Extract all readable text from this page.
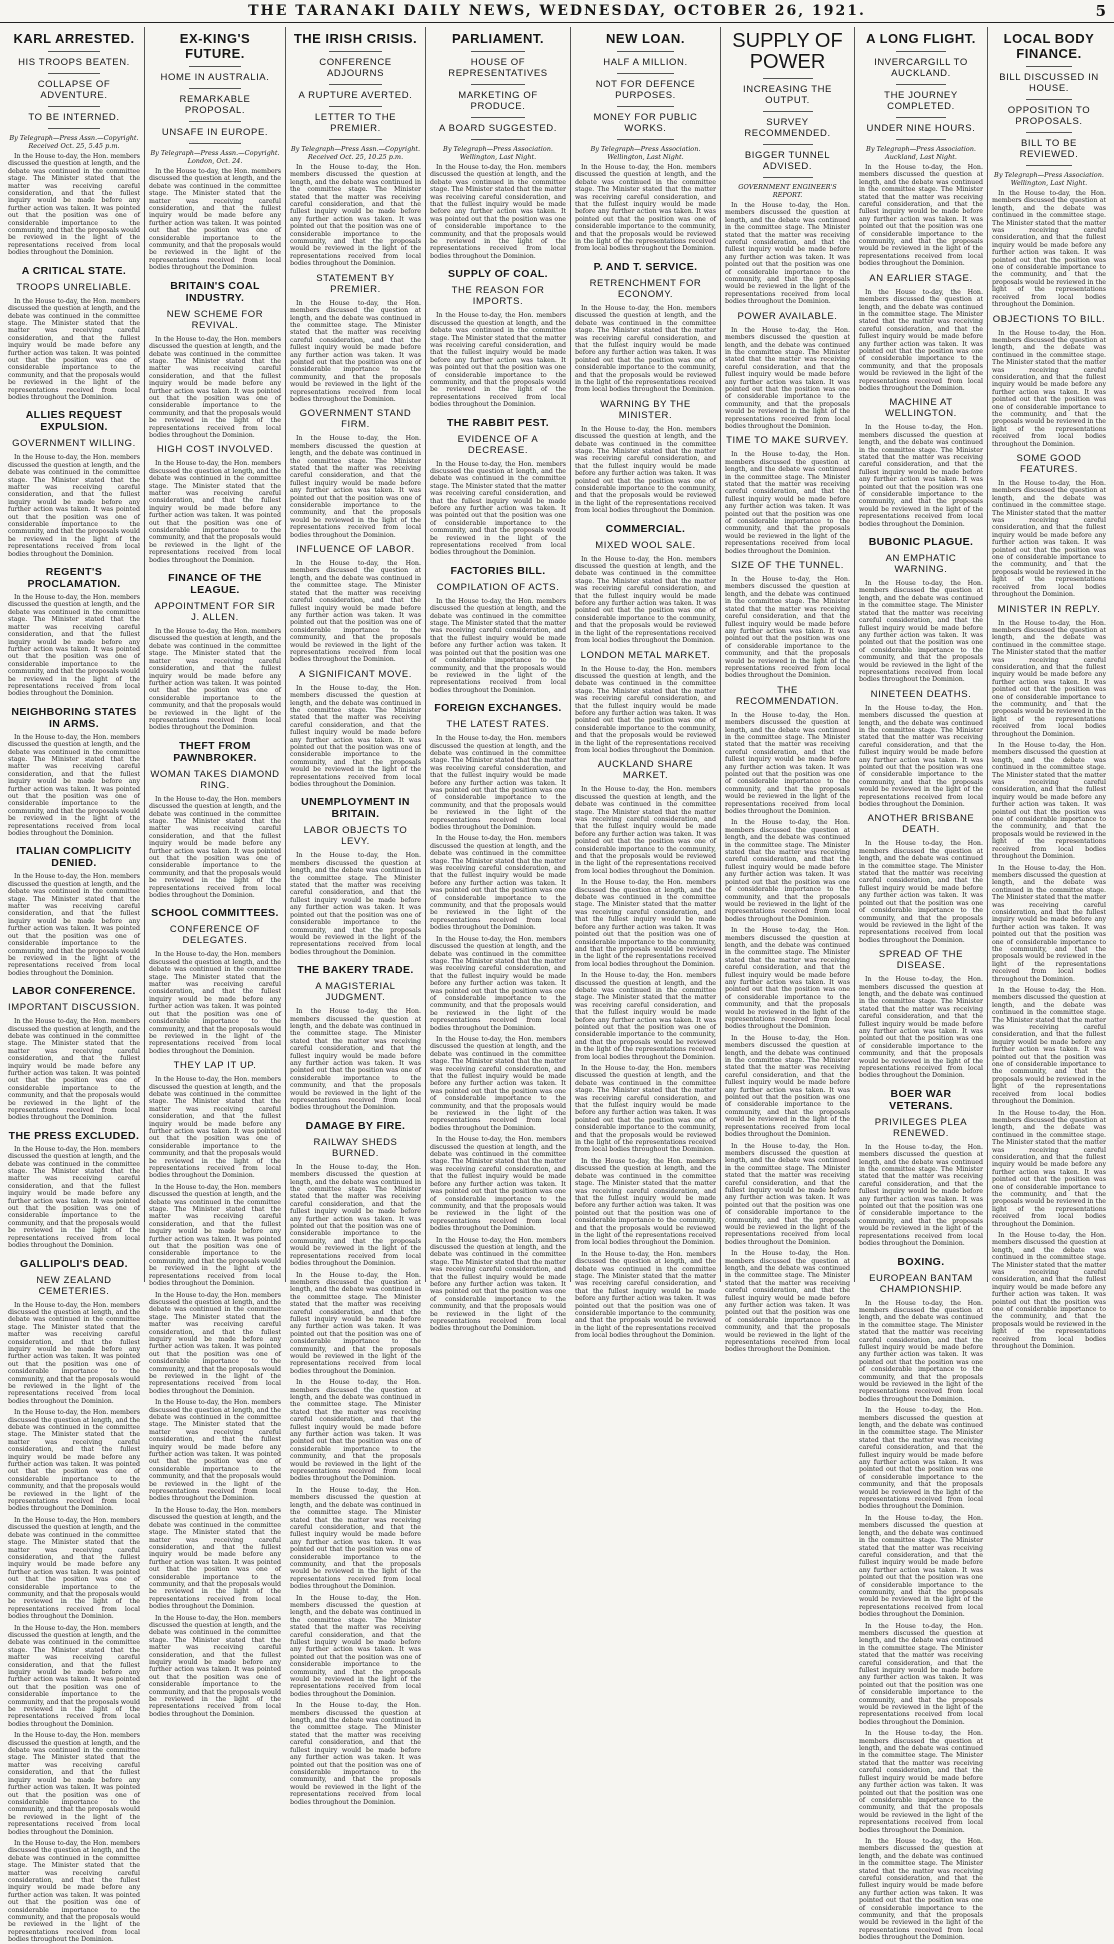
THE TARANAKI DAILY NEWS, WEDNESDAY, OCTOBER 26, 1921.	5
KARL ARRESTED.
HIS TROOPS BEATEN.
COLLAPSE OF ADVENTURE.
TO BE INTERNED.
By Telegraph—Press Assn.—Copyright. Received Oct. 25, 5.45 p.m.

In the House to-day, the Hon. members discussed the question at length, and the debate was continued in the committee stage. The Minister stated that the matter was receiving careful consideration, and that the fullest inquiry would be made before any further action was taken. It was pointed out that the position was one of considerable importance to the community, and that the proposals would be reviewed in the light of the representations received from local bodies throughout the Dominion.

A CRITICAL STATE.
TROOPS UNRELIABLE.

In the House to-day, the Hon. members discussed the question at length, and the debate was continued in the committee stage. The Minister stated that the matter was receiving careful consideration, and that the fullest inquiry would be made before any further action was taken. It was pointed out that the position was one of considerable importance to the community, and that the proposals would be reviewed in the light of the representations received from local bodies throughout the Dominion.

ALLIES REQUEST EXPULSION.
GOVERNMENT WILLING.

In the House to-day, the Hon. members discussed the question at length, and the debate was continued in the committee stage. The Minister stated that the matter was receiving careful consideration, and that the fullest inquiry would be made before any further action was taken. It was pointed out that the position was one of considerable importance to the community, and that the proposals would be reviewed in the light of the representations received from local bodies throughout the Dominion.

REGENT'S PROCLAMATION.

In the House to-day, the Hon. members discussed the question at length, and the debate was continued in the committee stage. The Minister stated that the matter was receiving careful consideration, and that the fullest inquiry would be made before any further action was taken. It was pointed out that the position was one of considerable importance to the community, and that the proposals would be reviewed in the light of the representations received from local bodies throughout the Dominion.

NEIGHBORING STATES IN ARMS.

In the House to-day, the Hon. members discussed the question at length, and the debate was continued in the committee stage. The Minister stated that the matter was receiving careful consideration, and that the fullest inquiry would be made before any further action was taken. It was pointed out that the position was one of considerable importance to the community, and that the proposals would be reviewed in the light of the representations received from local bodies throughout the Dominion.

ITALIAN COMPLICITY DENIED.

In the House to-day, the Hon. members discussed the question at length, and the debate was continued in the committee stage. The Minister stated that the matter was receiving careful consideration, and that the fullest inquiry would be made before any further action was taken. It was pointed out that the position was one of considerable importance to the community, and that the proposals would be reviewed in the light of the representations received from local bodies throughout the Dominion.

LABOR CONFERENCE.
IMPORTANT DISCUSSION.

In the House to-day, the Hon. members discussed the question at length, and the debate was continued in the committee stage. The Minister stated that the matter was receiving careful consideration, and that the fullest inquiry would be made before any further action was taken. It was pointed out that the position was one of considerable importance to the community, and that the proposals would be reviewed in the light of the representations received from local bodies throughout the Dominion.

THE PRESS EXCLUDED.

In the House to-day, the Hon. members discussed the question at length, and the debate was continued in the committee stage. The Minister stated that the matter was receiving careful consideration, and that the fullest inquiry would be made before any further action was taken. It was pointed out that the position was one of considerable importance to the community, and that the proposals would be reviewed in the light of the representations received from local bodies throughout the Dominion.

GALLIPOLI'S DEAD.
NEW ZEALAND CEMETERIES.

In the House to-day, the Hon. members discussed the question at length, and the debate was continued in the committee stage. The Minister stated that the matter was receiving careful consideration, and that the fullest inquiry would be made before any further action was taken. It was pointed out that the position was one of considerable importance to the community, and that the proposals would be reviewed in the light of the representations received from local bodies throughout the Dominion.

In the House to-day, the Hon. members discussed the question at length, and the debate was continued in the committee stage. The Minister stated that the matter was receiving careful consideration, and that the fullest inquiry would be made before any further action was taken. It was pointed out that the position was one of considerable importance to the community, and that the proposals would be reviewed in the light of the representations received from local bodies throughout the Dominion.

In the House to-day, the Hon. members discussed the question at length, and the debate was continued in the committee stage. The Minister stated that the matter was receiving careful consideration, and that the fullest inquiry would be made before any further action was taken. It was pointed out that the position was one of considerable importance to the community, and that the proposals would be reviewed in the light of the representations received from local bodies throughout the Dominion.

In the House to-day, the Hon. members discussed the question at length, and the debate was continued in the committee stage. The Minister stated that the matter was receiving careful consideration, and that the fullest inquiry would be made before any further action was taken. It was pointed out that the position was one of considerable importance to the community, and that the proposals would be reviewed in the light of the representations received from local bodies throughout the Dominion.

In the House to-day, the Hon. members discussed the question at length, and the debate was continued in the committee stage. The Minister stated that the matter was receiving careful consideration, and that the fullest inquiry would be made before any further action was taken. It was pointed out that the position was one of considerable importance to the community, and that the proposals would be reviewed in the light of the representations received from local bodies throughout the Dominion.

In the House to-day, the Hon. members discussed the question at length, and the debate was continued in the committee stage. The Minister stated that the matter was receiving careful consideration, and that the fullest inquiry would be made before any further action was taken. It was pointed out that the position was one of considerable importance to the community, and that the proposals would be reviewed in the light of the representations received from local bodies throughout the Dominion.

EX-KING'S FUTURE.
HOME IN AUSTRALIA.
REMARKABLE PROPOSAL.
UNSAFE IN EUROPE.
By Telegraph—Press Assn.—Copyright. London, Oct. 24.

In the House to-day, the Hon. members discussed the question at length, and the debate was continued in the committee stage. The Minister stated that the matter was receiving careful consideration, and that the fullest inquiry would be made before any further action was taken. It was pointed out that the position was one of considerable importance to the community, and that the proposals would be reviewed in the light of the representations received from local bodies throughout the Dominion.

BRITAIN'S COAL INDUSTRY.
NEW SCHEME FOR REVIVAL.

In the House to-day, the Hon. members discussed the question at length, and the debate was continued in the committee stage. The Minister stated that the matter was receiving careful consideration, and that the fullest inquiry would be made before any further action was taken. It was pointed out that the position was one of considerable importance to the community, and that the proposals would be reviewed in the light of the representations received from local bodies throughout the Dominion.

HIGH COST INVOLVED.

In the House to-day, the Hon. members discussed the question at length, and the debate was continued in the committee stage. The Minister stated that the matter was receiving careful consideration, and that the fullest inquiry would be made before any further action was taken. It was pointed out that the position was one of considerable importance to the community, and that the proposals would be reviewed in the light of the representations received from local bodies throughout the Dominion.

FINANCE OF THE LEAGUE.
APPOINTMENT FOR SIR J. ALLEN.

In the House to-day, the Hon. members discussed the question at length, and the debate was continued in the committee stage. The Minister stated that the matter was receiving careful consideration, and that the fullest inquiry would be made before any further action was taken. It was pointed out that the position was one of considerable importance to the community, and that the proposals would be reviewed in the light of the representations received from local bodies throughout the Dominion.

THEFT FROM PAWNBROKER.
WOMAN TAKES DIAMOND RING.

In the House to-day, the Hon. members discussed the question at length, and the debate was continued in the committee stage. The Minister stated that the matter was receiving careful consideration, and that the fullest inquiry would be made before any further action was taken. It was pointed out that the position was one of considerable importance to the community, and that the proposals would be reviewed in the light of the representations received from local bodies throughout the Dominion.

SCHOOL COMMITTEES.
CONFERENCE OF DELEGATES.

In the House to-day, the Hon. members discussed the question at length, and the debate was continued in the committee stage. The Minister stated that the matter was receiving careful consideration, and that the fullest inquiry would be made before any further action was taken. It was pointed out that the position was one of considerable importance to the community, and that the proposals would be reviewed in the light of the representations received from local bodies throughout the Dominion.

THEY LAP IT UP.

In the House to-day, the Hon. members discussed the question at length, and the debate was continued in the committee stage. The Minister stated that the matter was receiving careful consideration, and that the fullest inquiry would be made before any further action was taken. It was pointed out that the position was one of considerable importance to the community, and that the proposals would be reviewed in the light of the representations received from local bodies throughout the Dominion.

In the House to-day, the Hon. members discussed the question at length, and the debate was continued in the committee stage. The Minister stated that the matter was receiving careful consideration, and that the fullest inquiry would be made before any further action was taken. It was pointed out that the position was one of considerable importance to the community, and that the proposals would be reviewed in the light of the representations received from local bodies throughout the Dominion.

In the House to-day, the Hon. members discussed the question at length, and the debate was continued in the committee stage. The Minister stated that the matter was receiving careful consideration, and that the fullest inquiry would be made before any further action was taken. It was pointed out that the position was one of considerable importance to the community, and that the proposals would be reviewed in the light of the representations received from local bodies throughout the Dominion.

In the House to-day, the Hon. members discussed the question at length, and the debate was continued in the committee stage. The Minister stated that the matter was receiving careful consideration, and that the fullest inquiry would be made before any further action was taken. It was pointed out that the position was one of considerable importance to the community, and that the proposals would be reviewed in the light of the representations received from local bodies throughout the Dominion.

In the House to-day, the Hon. members discussed the question at length, and the debate was continued in the committee stage. The Minister stated that the matter was receiving careful consideration, and that the fullest inquiry would be made before any further action was taken. It was pointed out that the position was one of considerable importance to the community, and that the proposals would be reviewed in the light of the representations received from local bodies throughout the Dominion.

In the House to-day, the Hon. members discussed the question at length, and the debate was continued in the committee stage. The Minister stated that the matter was receiving careful consideration, and that the fullest inquiry would be made before any further action was taken. It was pointed out that the position was one of considerable importance to the community, and that the proposals would be reviewed in the light of the representations received from local bodies throughout the Dominion.

THE IRISH CRISIS.
CONFERENCE ADJOURNS
A RUPTURE AVERTED.
LETTER TO THE PREMIER.
By Telegraph—Press Assn.—Copyright. Received Oct. 25, 10.25 p.m.

In the House to-day, the Hon. members discussed the question at length, and the debate was continued in the committee stage. The Minister stated that the matter was receiving careful consideration, and that the fullest inquiry would be made before any further action was taken. It was pointed out that the position was one of considerable importance to the community, and that the proposals would be reviewed in the light of the representations received from local bodies throughout the Dominion.

STATEMENT BY PREMIER.

In the House to-day, the Hon. members discussed the question at length, and the debate was continued in the committee stage. The Minister stated that the matter was receiving careful consideration, and that the fullest inquiry would be made before any further action was taken. It was pointed out that the position was one of considerable importance to the community, and that the proposals would be reviewed in the light of the representations received from local bodies throughout the Dominion.

GOVERNMENT STAND FIRM.

In the House to-day, the Hon. members discussed the question at length, and the debate was continued in the committee stage. The Minister stated that the matter was receiving careful consideration, and that the fullest inquiry would be made before any further action was taken. It was pointed out that the position was one of considerable importance to the community, and that the proposals would be reviewed in the light of the representations received from local bodies throughout the Dominion.

INFLUENCE OF LABOR.

In the House to-day, the Hon. members discussed the question at length, and the debate was continued in the committee stage. The Minister stated that the matter was receiving careful consideration, and that the fullest inquiry would be made before any further action was taken. It was pointed out that the position was one of considerable importance to the community, and that the proposals would be reviewed in the light of the representations received from local bodies throughout the Dominion.

A SIGNIFICANT MOVE.

In the House to-day, the Hon. members discussed the question at length, and the debate was continued in the committee stage. The Minister stated that the matter was receiving careful consideration, and that the fullest inquiry would be made before any further action was taken. It was pointed out that the position was one of considerable importance to the community, and that the proposals would be reviewed in the light of the representations received from local bodies throughout the Dominion.

UNEMPLOYMENT IN BRITAIN.
LABOR OBJECTS TO LEVY.

In the House to-day, the Hon. members discussed the question at length, and the debate was continued in the committee stage. The Minister stated that the matter was receiving careful consideration, and that the fullest inquiry would be made before any further action was taken. It was pointed out that the position was one of considerable importance to the community, and that the proposals would be reviewed in the light of the representations received from local bodies throughout the Dominion.

THE BAKERY TRADE.
A MAGISTERIAL JUDGMENT.

In the House to-day, the Hon. members discussed the question at length, and the debate was continued in the committee stage. The Minister stated that the matter was receiving careful consideration, and that the fullest inquiry would be made before any further action was taken. It was pointed out that the position was one of considerable importance to the community, and that the proposals would be reviewed in the light of the representations received from local bodies throughout the Dominion.

DAMAGE BY FIRE.
RAILWAY SHEDS BURNED.

In the House to-day, the Hon. members discussed the question at length, and the debate was continued in the committee stage. The Minister stated that the matter was receiving careful consideration, and that the fullest inquiry would be made before any further action was taken. It was pointed out that the position was one of considerable importance to the community, and that the proposals would be reviewed in the light of the representations received from local bodies throughout the Dominion.

In the House to-day, the Hon. members discussed the question at length, and the debate was continued in the committee stage. The Minister stated that the matter was receiving careful consideration, and that the fullest inquiry would be made before any further action was taken. It was pointed out that the position was one of considerable importance to the community, and that the proposals would be reviewed in the light of the representations received from local bodies throughout the Dominion.

In the House to-day, the Hon. members discussed the question at length, and the debate was continued in the committee stage. The Minister stated that the matter was receiving careful consideration, and that the fullest inquiry would be made before any further action was taken. It was pointed out that the position was one of considerable importance to the community, and that the proposals would be reviewed in the light of the representations received from local bodies throughout the Dominion.

In the House to-day, the Hon. members discussed the question at length, and the debate was continued in the committee stage. The Minister stated that the matter was receiving careful consideration, and that the fullest inquiry would be made before any further action was taken. It was pointed out that the position was one of considerable importance to the community, and that the proposals would be reviewed in the light of the representations received from local bodies throughout the Dominion.

In the House to-day, the Hon. members discussed the question at length, and the debate was continued in the committee stage. The Minister stated that the matter was receiving careful consideration, and that the fullest inquiry would be made before any further action was taken. It was pointed out that the position was one of considerable importance to the community, and that the proposals would be reviewed in the light of the representations received from local bodies throughout the Dominion.

In the House to-day, the Hon. members discussed the question at length, and the debate was continued in the committee stage. The Minister stated that the matter was receiving careful consideration, and that the fullest inquiry would be made before any further action was taken. It was pointed out that the position was one of considerable importance to the community, and that the proposals would be reviewed in the light of the representations received from local bodies throughout the Dominion.

PARLIAMENT.
HOUSE OF REPRESENTATIVES
MARKETING OF PRODUCE.
A BOARD SUGGESTED.
By Telegraph—Press Association. Wellington, Last Night.

In the House to-day, the Hon. members discussed the question at length, and the debate was continued in the committee stage. The Minister stated that the matter was receiving careful consideration, and that the fullest inquiry would be made before any further action was taken. It was pointed out that the position was one of considerable importance to the community, and that the proposals would be reviewed in the light of the representations received from local bodies throughout the Dominion.

SUPPLY OF COAL.
THE REASON FOR IMPORTS.

In the House to-day, the Hon. members discussed the question at length, and the debate was continued in the committee stage. The Minister stated that the matter was receiving careful consideration, and that the fullest inquiry would be made before any further action was taken. It was pointed out that the position was one of considerable importance to the community, and that the proposals would be reviewed in the light of the representations received from local bodies throughout the Dominion.

THE RABBIT PEST.
EVIDENCE OF A DECREASE.

In the House to-day, the Hon. members discussed the question at length, and the debate was continued in the committee stage. The Minister stated that the matter was receiving careful consideration, and that the fullest inquiry would be made before any further action was taken. It was pointed out that the position was one of considerable importance to the community, and that the proposals would be reviewed in the light of the representations received from local bodies throughout the Dominion.

FACTORIES BILL.
COMPILATION OF ACTS.

In the House to-day, the Hon. members discussed the question at length, and the debate was continued in the committee stage. The Minister stated that the matter was receiving careful consideration, and that the fullest inquiry would be made before any further action was taken. It was pointed out that the position was one of considerable importance to the community, and that the proposals would be reviewed in the light of the representations received from local bodies throughout the Dominion.

FOREIGN EXCHANGES.
THE LATEST RATES.

In the House to-day, the Hon. members discussed the question at length, and the debate was continued in the committee stage. The Minister stated that the matter was receiving careful consideration, and that the fullest inquiry would be made before any further action was taken. It was pointed out that the position was one of considerable importance to the community, and that the proposals would be reviewed in the light of the representations received from local bodies throughout the Dominion.

In the House to-day, the Hon. members discussed the question at length, and the debate was continued in the committee stage. The Minister stated that the matter was receiving careful consideration, and that the fullest inquiry would be made before any further action was taken. It was pointed out that the position was one of considerable importance to the community, and that the proposals would be reviewed in the light of the representations received from local bodies throughout the Dominion.

In the House to-day, the Hon. members discussed the question at length, and the debate was continued in the committee stage. The Minister stated that the matter was receiving careful consideration, and that the fullest inquiry would be made before any further action was taken. It was pointed out that the position was one of considerable importance to the community, and that the proposals would be reviewed in the light of the representations received from local bodies throughout the Dominion.

In the House to-day, the Hon. members discussed the question at length, and the debate was continued in the committee stage. The Minister stated that the matter was receiving careful consideration, and that the fullest inquiry would be made before any further action was taken. It was pointed out that the position was one of considerable importance to the community, and that the proposals would be reviewed in the light of the representations received from local bodies throughout the Dominion.

In the House to-day, the Hon. members discussed the question at length, and the debate was continued in the committee stage. The Minister stated that the matter was receiving careful consideration, and that the fullest inquiry would be made before any further action was taken. It was pointed out that the position was one of considerable importance to the community, and that the proposals would be reviewed in the light of the representations received from local bodies throughout the Dominion.

In the House to-day, the Hon. members discussed the question at length, and the debate was continued in the committee stage. The Minister stated that the matter was receiving careful consideration, and that the fullest inquiry would be made before any further action was taken. It was pointed out that the position was one of considerable importance to the community, and that the proposals would be reviewed in the light of the representations received from local bodies throughout the Dominion.

NEW LOAN.
HALF A MILLION.
NOT FOR DEFENCE PURPOSES.
MONEY FOR PUBLIC WORKS.
By Telegraph—Press Association. Wellington, Last Night.

In the House to-day, the Hon. members discussed the question at length, and the debate was continued in the committee stage. The Minister stated that the matter was receiving careful consideration, and that the fullest inquiry would be made before any further action was taken. It was pointed out that the position was one of considerable importance to the community, and that the proposals would be reviewed in the light of the representations received from local bodies throughout the Dominion.

P. AND T. SERVICE.
RETRENCHMENT FOR ECONOMY.

In the House to-day, the Hon. members discussed the question at length, and the debate was continued in the committee stage. The Minister stated that the matter was receiving careful consideration, and that the fullest inquiry would be made before any further action was taken. It was pointed out that the position was one of considerable importance to the community, and that the proposals would be reviewed in the light of the representations received from local bodies throughout the Dominion.

WARNING BY THE MINISTER.

In the House to-day, the Hon. members discussed the question at length, and the debate was continued in the committee stage. The Minister stated that the matter was receiving careful consideration, and that the fullest inquiry would be made before any further action was taken. It was pointed out that the position was one of considerable importance to the community, and that the proposals would be reviewed in the light of the representations received from local bodies throughout the Dominion.

COMMERCIAL.
MIXED WOOL SALE.

In the House to-day, the Hon. members discussed the question at length, and the debate was continued in the committee stage. The Minister stated that the matter was receiving careful consideration, and that the fullest inquiry would be made before any further action was taken. It was pointed out that the position was one of considerable importance to the community, and that the proposals would be reviewed in the light of the representations received from local bodies throughout the Dominion.

LONDON METAL MARKET.

In the House to-day, the Hon. members discussed the question at length, and the debate was continued in the committee stage. The Minister stated that the matter was receiving careful consideration, and that the fullest inquiry would be made before any further action was taken. It was pointed out that the position was one of considerable importance to the community, and that the proposals would be reviewed in the light of the representations received from local bodies throughout the Dominion.

AUCKLAND SHARE MARKET.

In the House to-day, the Hon. members discussed the question at length, and the debate was continued in the committee stage. The Minister stated that the matter was receiving careful consideration, and that the fullest inquiry would be made before any further action was taken. It was pointed out that the position was one of considerable importance to the community, and that the proposals would be reviewed in the light of the representations received from local bodies throughout the Dominion.

In the House to-day, the Hon. members discussed the question at length, and the debate was continued in the committee stage. The Minister stated that the matter was receiving careful consideration, and that the fullest inquiry would be made before any further action was taken. It was pointed out that the position was one of considerable importance to the community, and that the proposals would be reviewed in the light of the representations received from local bodies throughout the Dominion.

In the House to-day, the Hon. members discussed the question at length, and the debate was continued in the committee stage. The Minister stated that the matter was receiving careful consideration, and that the fullest inquiry would be made before any further action was taken. It was pointed out that the position was one of considerable importance to the community, and that the proposals would be reviewed in the light of the representations received from local bodies throughout the Dominion.

In the House to-day, the Hon. members discussed the question at length, and the debate was continued in the committee stage. The Minister stated that the matter was receiving careful consideration, and that the fullest inquiry would be made before any further action was taken. It was pointed out that the position was one of considerable importance to the community, and that the proposals would be reviewed in the light of the representations received from local bodies throughout the Dominion.

In the House to-day, the Hon. members discussed the question at length, and the debate was continued in the committee stage. The Minister stated that the matter was receiving careful consideration, and that the fullest inquiry would be made before any further action was taken. It was pointed out that the position was one of considerable importance to the community, and that the proposals would be reviewed in the light of the representations received from local bodies throughout the Dominion.

In the House to-day, the Hon. members discussed the question at length, and the debate was continued in the committee stage. The Minister stated that the matter was receiving careful consideration, and that the fullest inquiry would be made before any further action was taken. It was pointed out that the position was one of considerable importance to the community, and that the proposals would be reviewed in the light of the representations received from local bodies throughout the Dominion.

SUPPLY OF POWER
INCREASING THE OUTPUT.
SURVEY RECOMMENDED.
BIGGER TUNNEL ADVISED.
GOVERNMENT ENGINEER'S REPORT.

In the House to-day, the Hon. members discussed the question at length, and the debate was continued in the committee stage. The Minister stated that the matter was receiving careful consideration, and that the fullest inquiry would be made before any further action was taken. It was pointed out that the position was one of considerable importance to the community, and that the proposals would be reviewed in the light of the representations received from local bodies throughout the Dominion.

POWER AVAILABLE.

In the House to-day, the Hon. members discussed the question at length, and the debate was continued in the committee stage. The Minister stated that the matter was receiving careful consideration, and that the fullest inquiry would be made before any further action was taken. It was pointed out that the position was one of considerable importance to the community, and that the proposals would be reviewed in the light of the representations received from local bodies throughout the Dominion.

TIME TO MAKE SURVEY.

In the House to-day, the Hon. members discussed the question at length, and the debate was continued in the committee stage. The Minister stated that the matter was receiving careful consideration, and that the fullest inquiry would be made before any further action was taken. It was pointed out that the position was one of considerable importance to the community, and that the proposals would be reviewed in the light of the representations received from local bodies throughout the Dominion.

SIZE OF THE TUNNEL.

In the House to-day, the Hon. members discussed the question at length, and the debate was continued in the committee stage. The Minister stated that the matter was receiving careful consideration, and that the fullest inquiry would be made before any further action was taken. It was pointed out that the position was one of considerable importance to the community, and that the proposals would be reviewed in the light of the representations received from local bodies throughout the Dominion.

THE RECOMMENDATION.

In the House to-day, the Hon. members discussed the question at length, and the debate was continued in the committee stage. The Minister stated that the matter was receiving careful consideration, and that the fullest inquiry would be made before any further action was taken. It was pointed out that the position was one of considerable importance to the community, and that the proposals would be reviewed in the light of the representations received from local bodies throughout the Dominion.

In the House to-day, the Hon. members discussed the question at length, and the debate was continued in the committee stage. The Minister stated that the matter was receiving careful consideration, and that the fullest inquiry would be made before any further action was taken. It was pointed out that the position was one of considerable importance to the community, and that the proposals would be reviewed in the light of the representations received from local bodies throughout the Dominion.

In the House to-day, the Hon. members discussed the question at length, and the debate was continued in the committee stage. The Minister stated that the matter was receiving careful consideration, and that the fullest inquiry would be made before any further action was taken. It was pointed out that the position was one of considerable importance to the community, and that the proposals would be reviewed in the light of the representations received from local bodies throughout the Dominion.

In the House to-day, the Hon. members discussed the question at length, and the debate was continued in the committee stage. The Minister stated that the matter was receiving careful consideration, and that the fullest inquiry would be made before any further action was taken. It was pointed out that the position was one of considerable importance to the community, and that the proposals would be reviewed in the light of the representations received from local bodies throughout the Dominion.

In the House to-day, the Hon. members discussed the question at length, and the debate was continued in the committee stage. The Minister stated that the matter was receiving careful consideration, and that the fullest inquiry would be made before any further action was taken. It was pointed out that the position was one of considerable importance to the community, and that the proposals would be reviewed in the light of the representations received from local bodies throughout the Dominion.

In the House to-day, the Hon. members discussed the question at length, and the debate was continued in the committee stage. The Minister stated that the matter was receiving careful consideration, and that the fullest inquiry would be made before any further action was taken. It was pointed out that the position was one of considerable importance to the community, and that the proposals would be reviewed in the light of the representations received from local bodies throughout the Dominion.

A LONG FLIGHT.
INVERCARGILL TO AUCKLAND.
THE JOURNEY COMPLETED.
UNDER NINE HOURS.
By Telegraph—Press Association. Auckland, Last Night.

In the House to-day, the Hon. members discussed the question at length, and the debate was continued in the committee stage. The Minister stated that the matter was receiving careful consideration, and that the fullest inquiry would be made before any further action was taken. It was pointed out that the position was one of considerable importance to the community, and that the proposals would be reviewed in the light of the representations received from local bodies throughout the Dominion.

AN EARLIER STAGE.

In the House to-day, the Hon. members discussed the question at length, and the debate was continued in the committee stage. The Minister stated that the matter was receiving careful consideration, and that the fullest inquiry would be made before any further action was taken. It was pointed out that the position was one of considerable importance to the community, and that the proposals would be reviewed in the light of the representations received from local bodies throughout the Dominion.

MACHINE AT WELLINGTON.

In the House to-day, the Hon. members discussed the question at length, and the debate was continued in the committee stage. The Minister stated that the matter was receiving careful consideration, and that the fullest inquiry would be made before any further action was taken. It was pointed out that the position was one of considerable importance to the community, and that the proposals would be reviewed in the light of the representations received from local bodies throughout the Dominion.

BUBONIC PLAGUE.
AN EMPHATIC WARNING.

In the House to-day, the Hon. members discussed the question at length, and the debate was continued in the committee stage. The Minister stated that the matter was receiving careful consideration, and that the fullest inquiry would be made before any further action was taken. It was pointed out that the position was one of considerable importance to the community, and that the proposals would be reviewed in the light of the representations received from local bodies throughout the Dominion.

NINETEEN DEATHS.

In the House to-day, the Hon. members discussed the question at length, and the debate was continued in the committee stage. The Minister stated that the matter was receiving careful consideration, and that the fullest inquiry would be made before any further action was taken. It was pointed out that the position was one of considerable importance to the community, and that the proposals would be reviewed in the light of the representations received from local bodies throughout the Dominion.

ANOTHER BRISBANE DEATH.

In the House to-day, the Hon. members discussed the question at length, and the debate was continued in the committee stage. The Minister stated that the matter was receiving careful consideration, and that the fullest inquiry would be made before any further action was taken. It was pointed out that the position was one of considerable importance to the community, and that the proposals would be reviewed in the light of the representations received from local bodies throughout the Dominion.

SPREAD OF THE DISEASE.

In the House to-day, the Hon. members discussed the question at length, and the debate was continued in the committee stage. The Minister stated that the matter was receiving careful consideration, and that the fullest inquiry would be made before any further action was taken. It was pointed out that the position was one of considerable importance to the community, and that the proposals would be reviewed in the light of the representations received from local bodies throughout the Dominion.

BOER WAR VETERANS.
PRIVILEGES PLEA RENEWED.

In the House to-day, the Hon. members discussed the question at length, and the debate was continued in the committee stage. The Minister stated that the matter was receiving careful consideration, and that the fullest inquiry would be made before any further action was taken. It was pointed out that the position was one of considerable importance to the community, and that the proposals would be reviewed in the light of the representations received from local bodies throughout the Dominion.

BOXING.
EUROPEAN BANTAM CHAMPIONSHIP.

In the House to-day, the Hon. members discussed the question at length, and the debate was continued in the committee stage. The Minister stated that the matter was receiving careful consideration, and that the fullest inquiry would be made before any further action was taken. It was pointed out that the position was one of considerable importance to the community, and that the proposals would be reviewed in the light of the representations received from local bodies throughout the Dominion.

In the House to-day, the Hon. members discussed the question at length, and the debate was continued in the committee stage. The Minister stated that the matter was receiving careful consideration, and that the fullest inquiry would be made before any further action was taken. It was pointed out that the position was one of considerable importance to the community, and that the proposals would be reviewed in the light of the representations received from local bodies throughout the Dominion.

In the House to-day, the Hon. members discussed the question at length, and the debate was continued in the committee stage. The Minister stated that the matter was receiving careful consideration, and that the fullest inquiry would be made before any further action was taken. It was pointed out that the position was one of considerable importance to the community, and that the proposals would be reviewed in the light of the representations received from local bodies throughout the Dominion.

In the House to-day, the Hon. members discussed the question at length, and the debate was continued in the committee stage. The Minister stated that the matter was receiving careful consideration, and that the fullest inquiry would be made before any further action was taken. It was pointed out that the position was one of considerable importance to the community, and that the proposals would be reviewed in the light of the representations received from local bodies throughout the Dominion.

In the House to-day, the Hon. members discussed the question at length, and the debate was continued in the committee stage. The Minister stated that the matter was receiving careful consideration, and that the fullest inquiry would be made before any further action was taken. It was pointed out that the position was one of considerable importance to the community, and that the proposals would be reviewed in the light of the representations received from local bodies throughout the Dominion.

In the House to-day, the Hon. members discussed the question at length, and the debate was continued in the committee stage. The Minister stated that the matter was receiving careful consideration, and that the fullest inquiry would be made before any further action was taken. It was pointed out that the position was one of considerable importance to the community, and that the proposals would be reviewed in the light of the representations received from local bodies throughout the Dominion.

LOCAL BODY FINANCE.
BILL DISCUSSED IN HOUSE.
OPPOSITION TO PROPOSALS.
BILL TO BE REVIEWED.
By Telegraph—Press Association. Wellington, Last Night.

In the House to-day, the Hon. members discussed the question at length, and the debate was continued in the committee stage. The Minister stated that the matter was receiving careful consideration, and that the fullest inquiry would be made before any further action was taken. It was pointed out that the position was one of considerable importance to the community, and that the proposals would be reviewed in the light of the representations received from local bodies throughout the Dominion.

OBJECTIONS TO BILL.

In the House to-day, the Hon. members discussed the question at length, and the debate was continued in the committee stage. The Minister stated that the matter was receiving careful consideration, and that the fullest inquiry would be made before any further action was taken. It was pointed out that the position was one of considerable importance to the community, and that the proposals would be reviewed in the light of the representations received from local bodies throughout the Dominion.

SOME GOOD FEATURES.

In the House to-day, the Hon. members discussed the question at length, and the debate was continued in the committee stage. The Minister stated that the matter was receiving careful consideration, and that the fullest inquiry would be made before any further action was taken. It was pointed out that the position was one of considerable importance to the community, and that the proposals would be reviewed in the light of the representations received from local bodies throughout the Dominion.

MINISTER IN REPLY.

In the House to-day, the Hon. members discussed the question at length, and the debate was continued in the committee stage. The Minister stated that the matter was receiving careful consideration, and that the fullest inquiry would be made before any further action was taken. It was pointed out that the position was one of considerable importance to the community, and that the proposals would be reviewed in the light of the representations received from local bodies throughout the Dominion.

In the House to-day, the Hon. members discussed the question at length, and the debate was continued in the committee stage. The Minister stated that the matter was receiving careful consideration, and that the fullest inquiry would be made before any further action was taken. It was pointed out that the position was one of considerable importance to the community, and that the proposals would be reviewed in the light of the representations received from local bodies throughout the Dominion.

In the House to-day, the Hon. members discussed the question at length, and the debate was continued in the committee stage. The Minister stated that the matter was receiving careful consideration, and that the fullest inquiry would be made before any further action was taken. It was pointed out that the position was one of considerable importance to the community, and that the proposals would be reviewed in the light of the representations received from local bodies throughout the Dominion.

In the House to-day, the Hon. members discussed the question at length, and the debate was continued in the committee stage. The Minister stated that the matter was receiving careful consideration, and that the fullest inquiry would be made before any further action was taken. It was pointed out that the position was one of considerable importance to the community, and that the proposals would be reviewed in the light of the representations received from local bodies throughout the Dominion.

In the House to-day, the Hon. members discussed the question at length, and the debate was continued in the committee stage. The Minister stated that the matter was receiving careful consideration, and that the fullest inquiry would be made before any further action was taken. It was pointed out that the position was one of considerable importance to the community, and that the proposals would be reviewed in the light of the representations received from local bodies throughout the Dominion.

In the House to-day, the Hon. members discussed the question at length, and the debate was continued in the committee stage. The Minister stated that the matter was receiving careful consideration, and that the fullest inquiry would be made before any further action was taken. It was pointed out that the position was one of considerable importance to the community, and that the proposals would be reviewed in the light of the representations received from local bodies throughout the Dominion.
